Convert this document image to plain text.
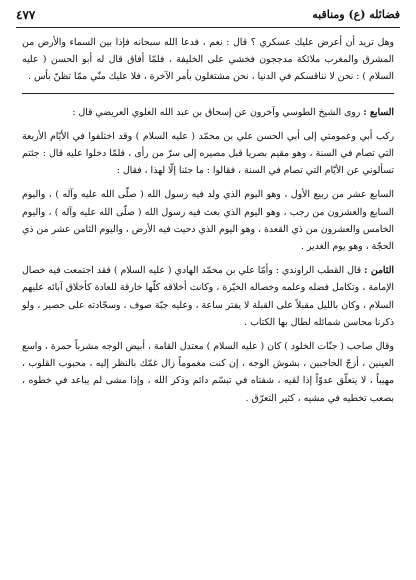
٤٧٧	فضائله (ع) ومناقبه

وهل تريد أن أعرض عليك عسكري ؟ قال : نعم ، فدعا الله سبحانه فإذا بين السماء والأرض من المشرق والمغرب ملائكة مدججون فخشي على الخليفة ، فلمّا أفاق قال له أبو الحسن ( عليه السلام ) : نحن لا نناقسكم في الدنيا ، نحن مشتغلون بأمر الآخرة ، فلا عليك منّي ممّا تظنّ بأس .

السابع : روى الشيخ الطوسي وآخرون عن إسحاق بن عبد الله العلوي العريضي قال :

ركب أبي وعمومتي إلى أبي الحسن علي بن محمّد ( عليه السلام ) وقد اختلفوا في الأيّام الأربعة التي تصام في السنة ، وهو مقيم بصريا قبل مصيره إلى سرّ من رأى ، فلمّا دخلوا عليه قال : جئتم تسألوني عن الأيّام التي تصام في السنة ، فقالوا : ما جئنا إلّا لهذا ، فقال :

السابع عشر من ربيع الأول ، وهو اليوم الذي ولد فيه رسول الله ( صلّى الله عليه وآله ) ، واليوم السابع والعشرون من رجب ، وهو اليوم الذي بعث فيه رسول الله ( صلّى الله عليه وآله ) ، واليوم الخامس والعشرون من ذي القعدة ، وهو اليوم الذي دحيت فيه الأرض ، واليوم الثامن عشر من ذي الحجّة ، وهو يوم الغدير .

الثامن : قال القطب الراوندي : وأمّا علي بن محمّد الهادي ( عليه السلام ) فقد اجتمعت فيه خصال الإمامة ، وتكامل فضله وعلمه وخصاله الخيّرة ، وكانت أخلاقه كلّها خارقة للعادة كأخلاق آبائه عليهم السلام ، وكان بالليل مقبلاً على القبلة لا يفتر ساعة ، وعليه جبّة صوف ، وسجّادته على حصير ، ولو ذكرنا محاسن شمائله لطال بها الكتاب .

وقال صاحب ( جنّات الخلود ) كان ( عليه السلام ) معتدل القامة ، أبيض الوجه مشرباً حمرة ، واسع العينين ، أزجّ الحاجبين ، بشوش الوجه ، إن كنت مغموماً زال غمّك بالنظر إليه ، محبوب القلوب ، مهيباً ، لا يتعلّق عدوّاً إذا لقيه ، شفتاه في تبسّم دائم وذكر الله ، وإذا مشى لم يباعد في خطوه ، بصعب تخطيه في مشيه ، كثير التعرّق .
